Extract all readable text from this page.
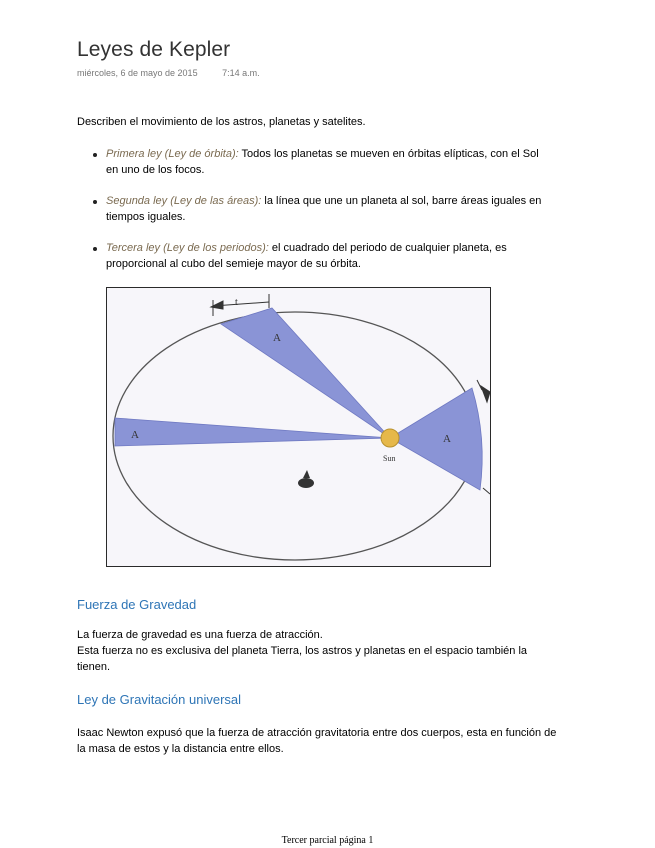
Leyes de Kepler
miércoles, 6 de mayo de 2015	7:14 a.m.
Describen el movimiento de los astros, planetas y satelites.
Primera ley (Ley de órbita): Todos los planetas se mueven en órbitas elípticas, con el Sol en uno de los focos.
Segunda ley (Ley de las áreas): la línea que une un planeta al sol, barre áreas iguales en tiempos iguales.
Tercera ley (Ley de los periodos): el cuadrado del periodo de cualquier planeta, es proporcional al cubo del semieje mayor de su órbita.
A
A	A
Sun
t
Fuerza de Gravedad

La fuerza de gravedad es una fuerza de atracción.
Esta fuerza no es exclusiva del planeta Tierra, los astros y planetas en el espacio también la tienen.

Ley de Gravitación universal

Isaac Newton expusó que la fuerza de atracción gravitatoria entre dos cuerpos, esta en función de la masa de estos y la distancia entre ellos.

Tercer parcial página 1
